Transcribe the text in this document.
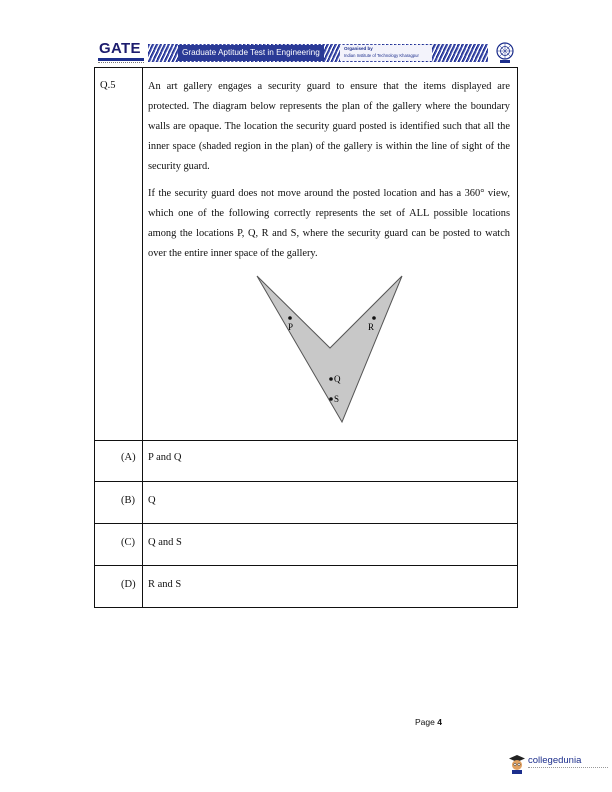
GATE	Graduate Aptitude Test in Engineering	Organised by
Indian Institute of Technology Kharagpur
Q.5	An art gallery engages a security guard to ensure that the items displayed are protected. The diagram below represents the plan of the gallery where the boundary walls are opaque. The location the security guard posted is identified such that all the inner space (shaded region in the plan) of the gallery is within the line of sight of the security guard.

If the security guard does not move around the posted location and has a 360° view, which one of the following correctly represents the set of ALL possible locations among the locations P, Q, R and S, where the security guard can be posted to watch over the entire inner space of the gallery.

P	R
Q
S
(A) P and Q
(B) Q
(C) Q and S
(D) R and S
Page 4
collegedunia
